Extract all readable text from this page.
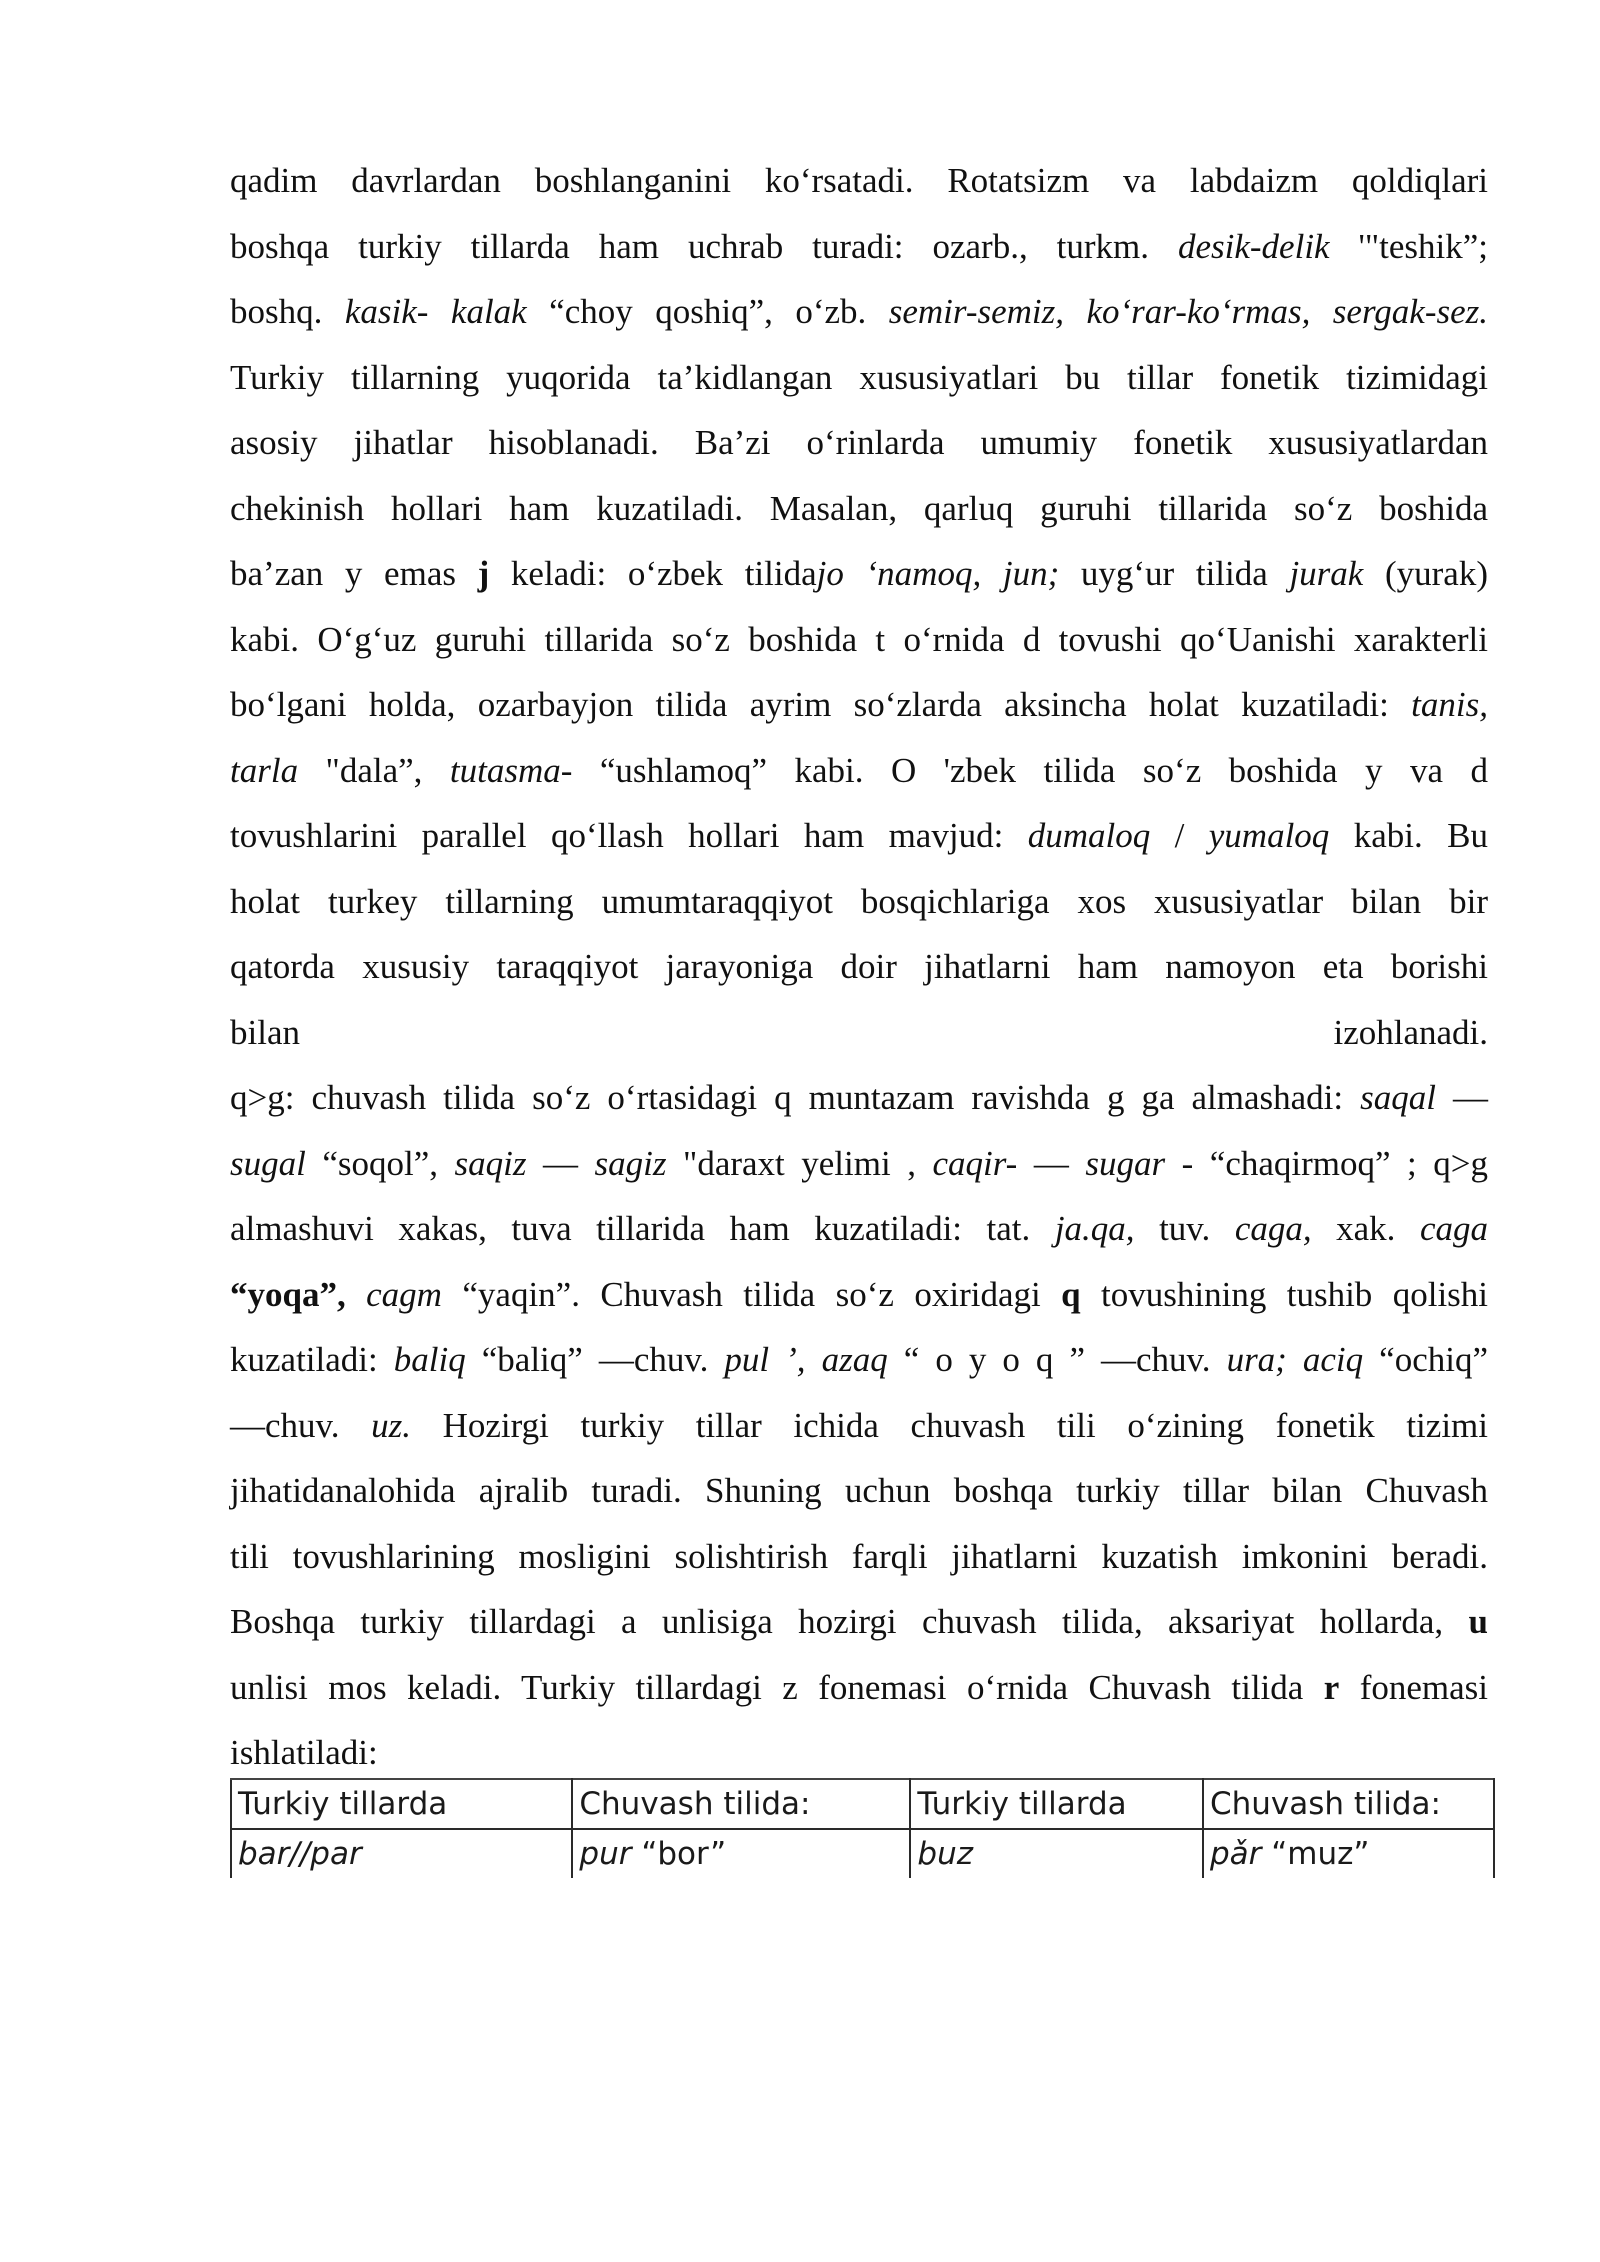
qadim davrlardan boshlanganini ko‘rsatadi. Rotatsizm va labdaizm qoldiqlari
boshqa turkiy tillarda ham uchrab turadi: ozarb., turkm. desik-delik '"teshik”;
boshq. kasik- kalak “choy qoshiq”, o‘zb. semir-semiz, ko‘rar-ko‘rmas, sergak-sez.
Turkiy tillarning yuqorida ta’kidlangan xususiyatlari bu tillar fonetik tizimidagi
asosiy jihatlar hisoblanadi. Ba’zi o‘rinlarda umumiy fonetik xususiyatlardan
chekinish hollari ham kuzatiladi. Masalan, qarluq guruhi tillarida so‘z boshida
ba’zan y emas j keladi: o‘zbek tilidajo ‘namoq, jun; uyg‘ur tilida jurak (yurak)
kabi. O‘g‘uz guruhi tillarida so‘z boshida t o‘rnida d tovushi qo‘Uanishi xarakterli
bo‘lgani holda, ozarbayjon tilida ayrim so‘zlarda aksincha holat kuzatiladi: tanis,
tarla "dala”, tutasma- “ushlamoq” kabi. O 'zbek tilida so‘z boshida y va d
tovushlarini parallel qo‘llash hollari ham mavjud: dumaloq / yumaloq kabi. Bu
holat turkey tillarning umumtaraqqiyot bosqichlariga xos xususiyatlar bilan bir
qatorda xususiy taraqqiyot jarayoniga doir jihatlarni ham namoyon eta borishi
bilan	izohlanadi.
q>g: chuvash tilida so‘z o‘rtasidagi q muntazam ravishda g ga almashadi: saqal —
sugal “soqol”, saqiz — sagiz "daraxt yelimi , caqir- — sugar - “chaqirmoq” ; q>g
almashuvi xakas, tuva tillarida ham kuzatiladi: tat. ja.qa, tuv. caga, xak. caga
“yoqa”, cagm “yaqin”. Chuvash tilida so‘z oxiridagi q tovushining tushib qolishi
kuzatiladi: baliq “baliq” —chuv. pul ’, azaq “ o y o q ” —chuv. ura; aciq “ochiq”
—chuv. uz. Hozirgi turkiy tillar ichida chuvash tili o‘zining fonetik tizimi
jihatidanalohida ajralib turadi. Shuning uchun boshqa turkiy tillar bilan Chuvash
tili tovushlarining mosligini solishtirish farqli jihatlarni kuzatish imkonini beradi.
Boshqa turkiy tillardagi a unlisiga hozirgi chuvash tilida, aksariyat hollarda, u
unlisi mos keladi. Turkiy tillardagi z fonemasi o‘rnida Chuvash tilida r fonemasi
ishlatiladi:
Turkiy tillarda	Chuvash tilida:	Turkiy tillarda	Chuvash tilida:
bar//par	pur “bor”	buz	pǎr “muz”
